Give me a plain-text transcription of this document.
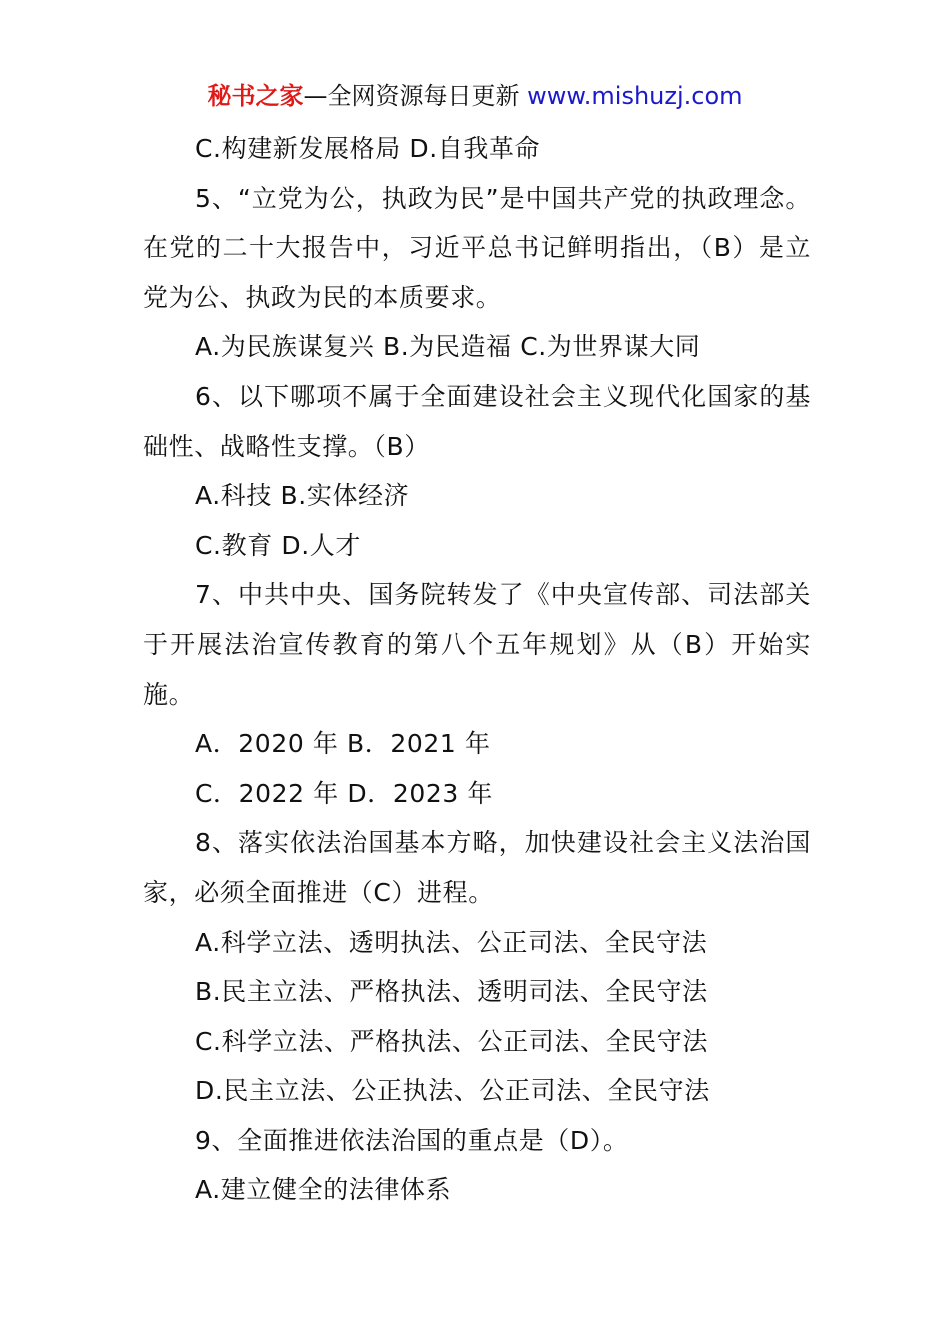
秘书之家—全网资源每日更新 www.mishuzj.com

C.构建新发展格局 D.自我革命

5、“立党为公，执政为民”是中国共产党的执政理念。在党的二十大报告中，习近平总书记鲜明指出，（B）是立党为公、执政为民的本质要求。

A.为民族谋复兴 B.为民造福 C.为世界谋大同

6、以下哪项不属于全面建设社会主义现代化国家的基础性、战略性支撑。（B）

A.科技 B.实体经济

C.教育 D.人才

7、中共中央、国务院转发了《中央宣传部、司法部关于开展法治宣传教育的第八个五年规划》从（B）开始实施。

A．2020 年 B．2021 年

C．2022 年 D．2023 年

8、落实依法治国基本方略，加快建设社会主义法治国家，必须全面推进（C）进程。

A.科学立法、透明执法、公正司法、全民守法

B.民主立法、严格执法、透明司法、全民守法

C.科学立法、严格执法、公正司法、全民守法

D.民主立法、公正执法、公正司法、全民守法

9、全面推进依法治国的重点是（D）。

A.建立健全的法律体系
